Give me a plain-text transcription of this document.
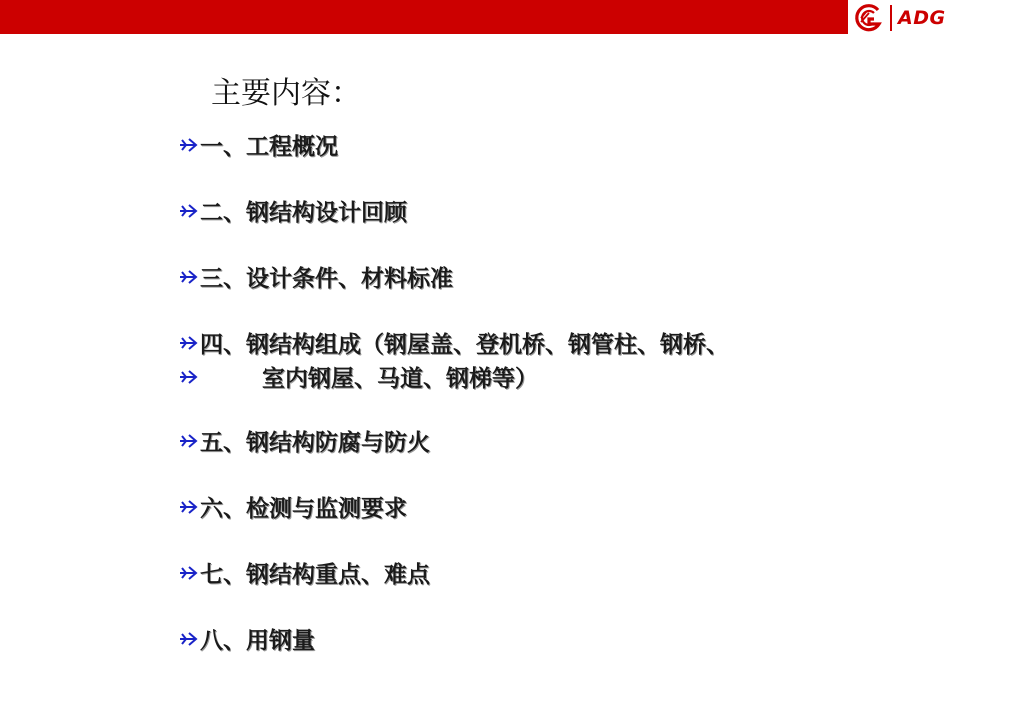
ADG
主要内容：
一、工程概况
二、钢结构设计回顾
三、设计条件、材料标准
四、钢结构组成（钢屋盖、登机桥、钢管柱、钢桥、
室内钢屋、马道、钢梯等）
五、钢结构防腐与防火
六、检测与监测要求
七、钢结构重点、难点
八、用钢量
